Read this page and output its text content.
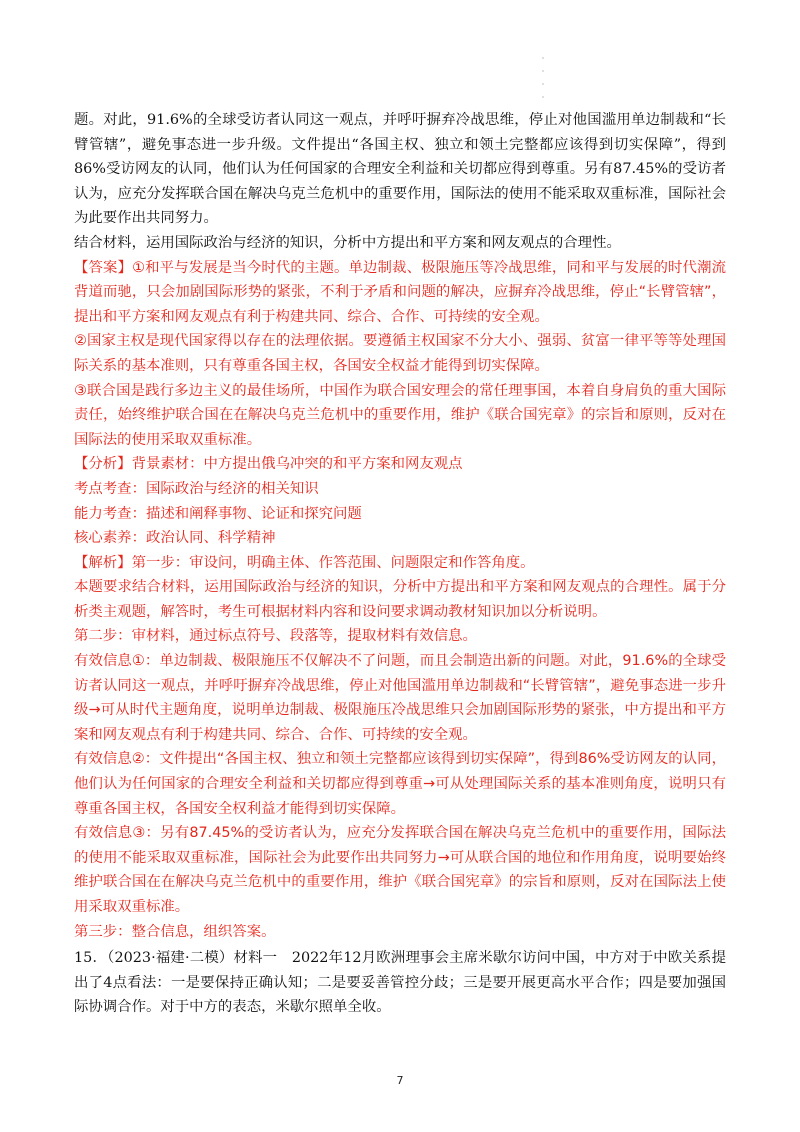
· · · ·

题。对此，91.6%的全球受访者认同这一观点，并呼吁摒弃冷战思维，停止对他国滥用单边制裁和“长臂管辖”，避免事态进一步升级。文件提出“各国主权、独立和领土完整都应该得到切实保障”，得到86%受访网友的认同，他们认为任何国家的合理安全利益和关切都应得到尊重。另有87.45%的受访者认为，应充分发挥联合国在解决乌克兰危机中的重要作用，国际法的使用不能采取双重标准，国际社会为此要作出共同努力。

结合材料，运用国际政治与经济的知识，分析中方提出和平方案和网友观点的合理性。

【答案】①和平与发展是当今时代的主题。单边制裁、极限施压等冷战思维，同和平与发展的时代潮流背道而驰，只会加剧国际形势的紧张，不利于矛盾和问题的解决，应摒弃冷战思维，停止“长臂管辖”，提出和平方案和网友观点有利于构建共同、综合、合作、可持续的安全观。

②国家主权是现代国家得以存在的法理依据。要遵循主权国家不分大小、强弱、贫富一律平等等处理国际关系的基本准则，只有尊重各国主权，各国安全权益才能得到切实保障。

③联合国是践行多边主义的最佳场所，中国作为联合国安理会的常任理事国，本着自身肩负的重大国际责任，始终维护联合国在在解决乌克兰危机中的重要作用，维护《联合国宪章》的宗旨和原则，反对在国际法的使用采取双重标准。

【分析】背景素材：中方提出俄乌冲突的和平方案和网友观点

考点考查：国际政治与经济的相关知识

能力考查：描述和阐释事物、论证和探究问题

核心素养：政治认同、科学精神

【解析】第一步：审设问，明确主体、作答范围、问题限定和作答角度。

本题要求结合材料，运用国际政治与经济的知识，分析中方提出和平方案和网友观点的合理性。属于分析类主观题，解答时，考生可根据材料内容和设问要求调动教材知识加以分析说明。

第二步：审材料，通过标点符号、段落等，提取材料有效信息。

有效信息①：单边制裁、极限施压不仅解决不了问题，而且会制造出新的问题。对此，91.6%的全球受访者认同这一观点，并呼吁摒弃冷战思维，停止对他国滥用单边制裁和“长臂管辖”，避免事态进一步升级→可从时代主题角度，说明单边制裁、极限施压冷战思维只会加剧国际形势的紧张，中方提出和平方案和网友观点有利于构建共同、综合、合作、可持续的安全观。

有效信息②：文件提出“各国主权、独立和领土完整都应该得到切实保障”，得到86%受访网友的认同，他们认为任何国家的合理安全利益和关切都应得到尊重→可从处理国际关系的基本准则角度，说明只有尊重各国主权，各国安全权利益才能得到切实保障。

有效信息③：另有87.45%的受访者认为，应充分发挥联合国在解决乌克兰危机中的重要作用，国际法的使用不能采取双重标准，国际社会为此要作出共同努力→可从联合国的地位和作用角度，说明要始终维护联合国在在解决乌克兰危机中的重要作用，维护《联合国宪章》的宗旨和原则，反对在国际法上使用采取双重标准。

第三步：整合信息，组织答案。

15．（2023·福建·二模）材料一　2022年12月欧洲理事会主席米歇尔访问中国，中方对于中欧关系提出了4点看法：一是要保持正确认知；二是要妥善管控分歧；三是要开展更高水平合作；四是要加强国际协调合作。对于中方的表态，米歇尔照单全收。

7
